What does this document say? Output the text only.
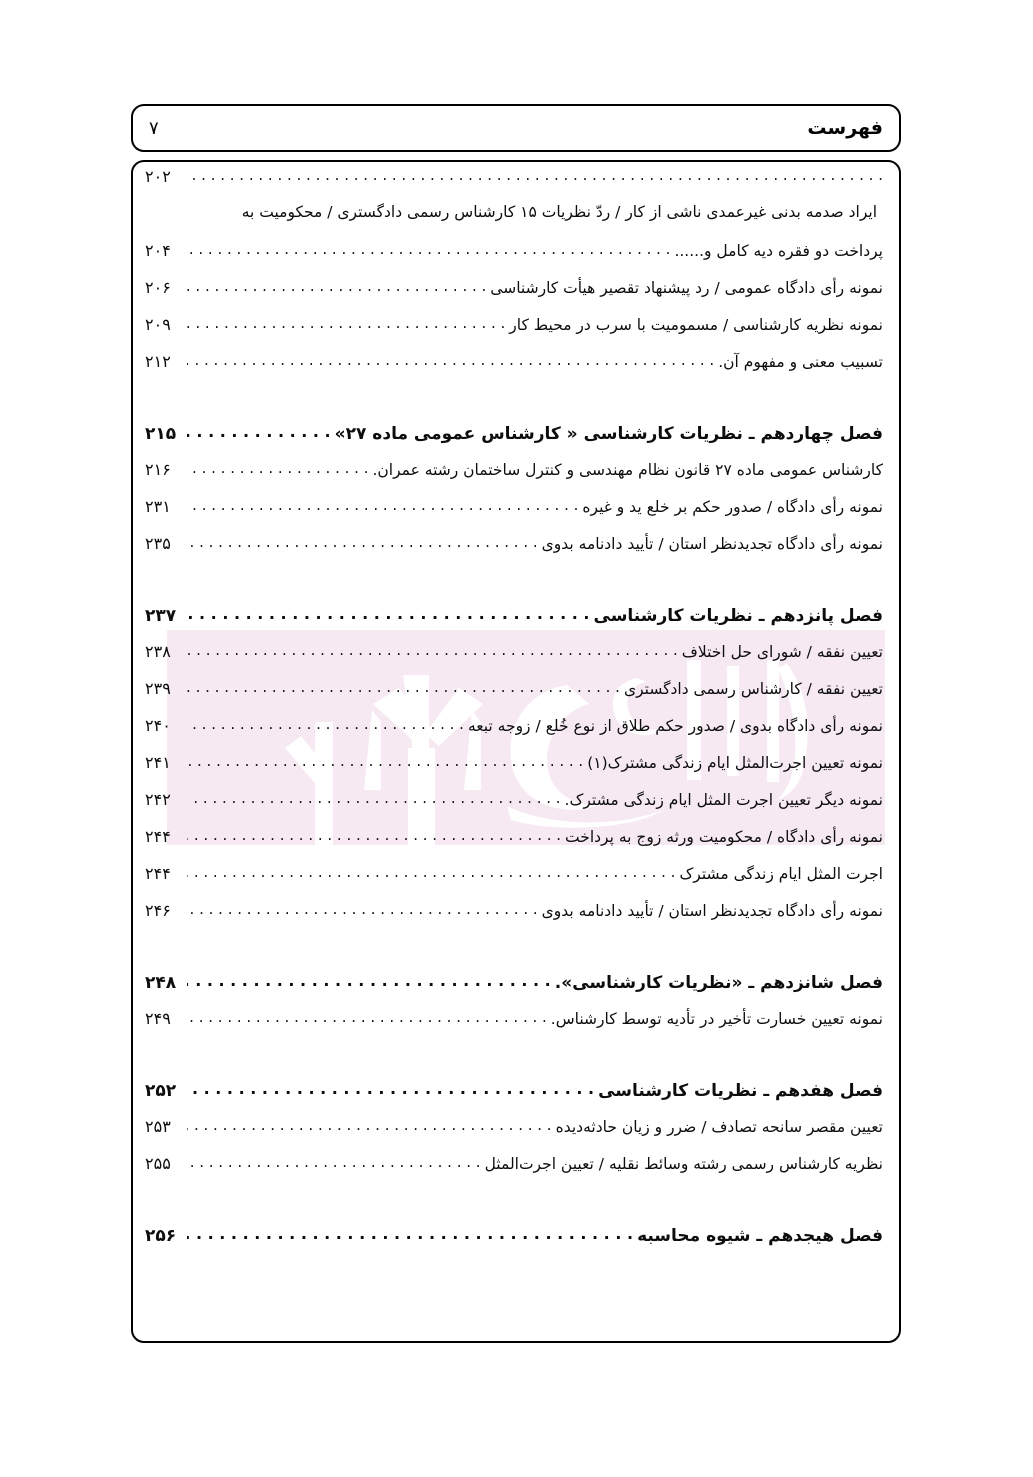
فهرست
۷
. . .
۲۰۲
ایراد صدمه بدنی غیرعمدی ناشی از کار / ردّ نظریات ۱۵ کارشناس رسمی دادگستری / محکومیت به
پرداخت دو فقره دیه کامل و......
. . .
۲۰۴
نمونه رأی دادگاه عمومی / رد پیشنهاد تقصیر هیأت کارشناسی
. . .
۲۰۶
نمونه نظریه کارشناسی / مسمومیت با سرب در محیط کار
. . .
۲۰۹
تسبیب معنی و مفهوم آن.
. . .
۲۱۲
فصل چهاردهم ـ نظریات کارشناسی « کارشناس عمومی ماده ۲۷»
. . .
۲۱۵
کارشناس عمومی ماده ۲۷ قانون نظام مهندسی و کنترل ساختمان رشته عمران.
. . .
۲۱۶
نمونه رأی دادگاه / صدور حکم بر خلع ید و غیره
. . .
۲۳۱
نمونه رأی دادگاه تجدیدنظر استان / تأیید دادنامه بدوی
. . .
۲۳۵
فصل پانزدهم ـ نظریات کارشناسی
. . .
۲۳۷
تعیین نفقه / شورای حل اختلاف
. . .
۲۳۸
تعیین نفقه / کارشناس رسمی دادگستری
. . .
۲۳۹
نمونه رأی دادگاه بدوی / صدور حکم طلاق از نوع خُلع / زوجه تبعه
. . .
۲۴۰
نمونه تعیین اجرت‌المثل ایام زندگی مشترک(۱)
. . .
۲۴۱
نمونه دیگر تعیین اجرت المثل ایام زندگی مشترک.
. . .
۲۴۲
نمونه رأی دادگاه / محکومیت ورثه زوج به پرداخت
. . .
۲۴۴
اجرت المثل ایام زندگی مشترک
. . .
۲۴۴
نمونه رأی دادگاه تجدیدنظر استان / تأیید دادنامه بدوی
. . .
۲۴۶
فصل شانزدهم ـ «نظریات کارشناسی».
. . .
۲۴۸
نمونه تعیین خسارت تأخیر در تأدیه توسط کارشناس.
. . .
۲۴۹
فصل هفدهم ـ نظریات کارشناسی
. . .
۲۵۲
تعیین مقصر سانحه تصادف / ضرر و زیان حادثه‌دیده
. . .
۲۵۳
نظریه کارشناس رسمی رشته وسائط نقلیه / تعیین اجرت‌المثل
. . .
۲۵۵
فصل هیجدهم ـ شیوه محاسبه
. . .
۲۵۶
